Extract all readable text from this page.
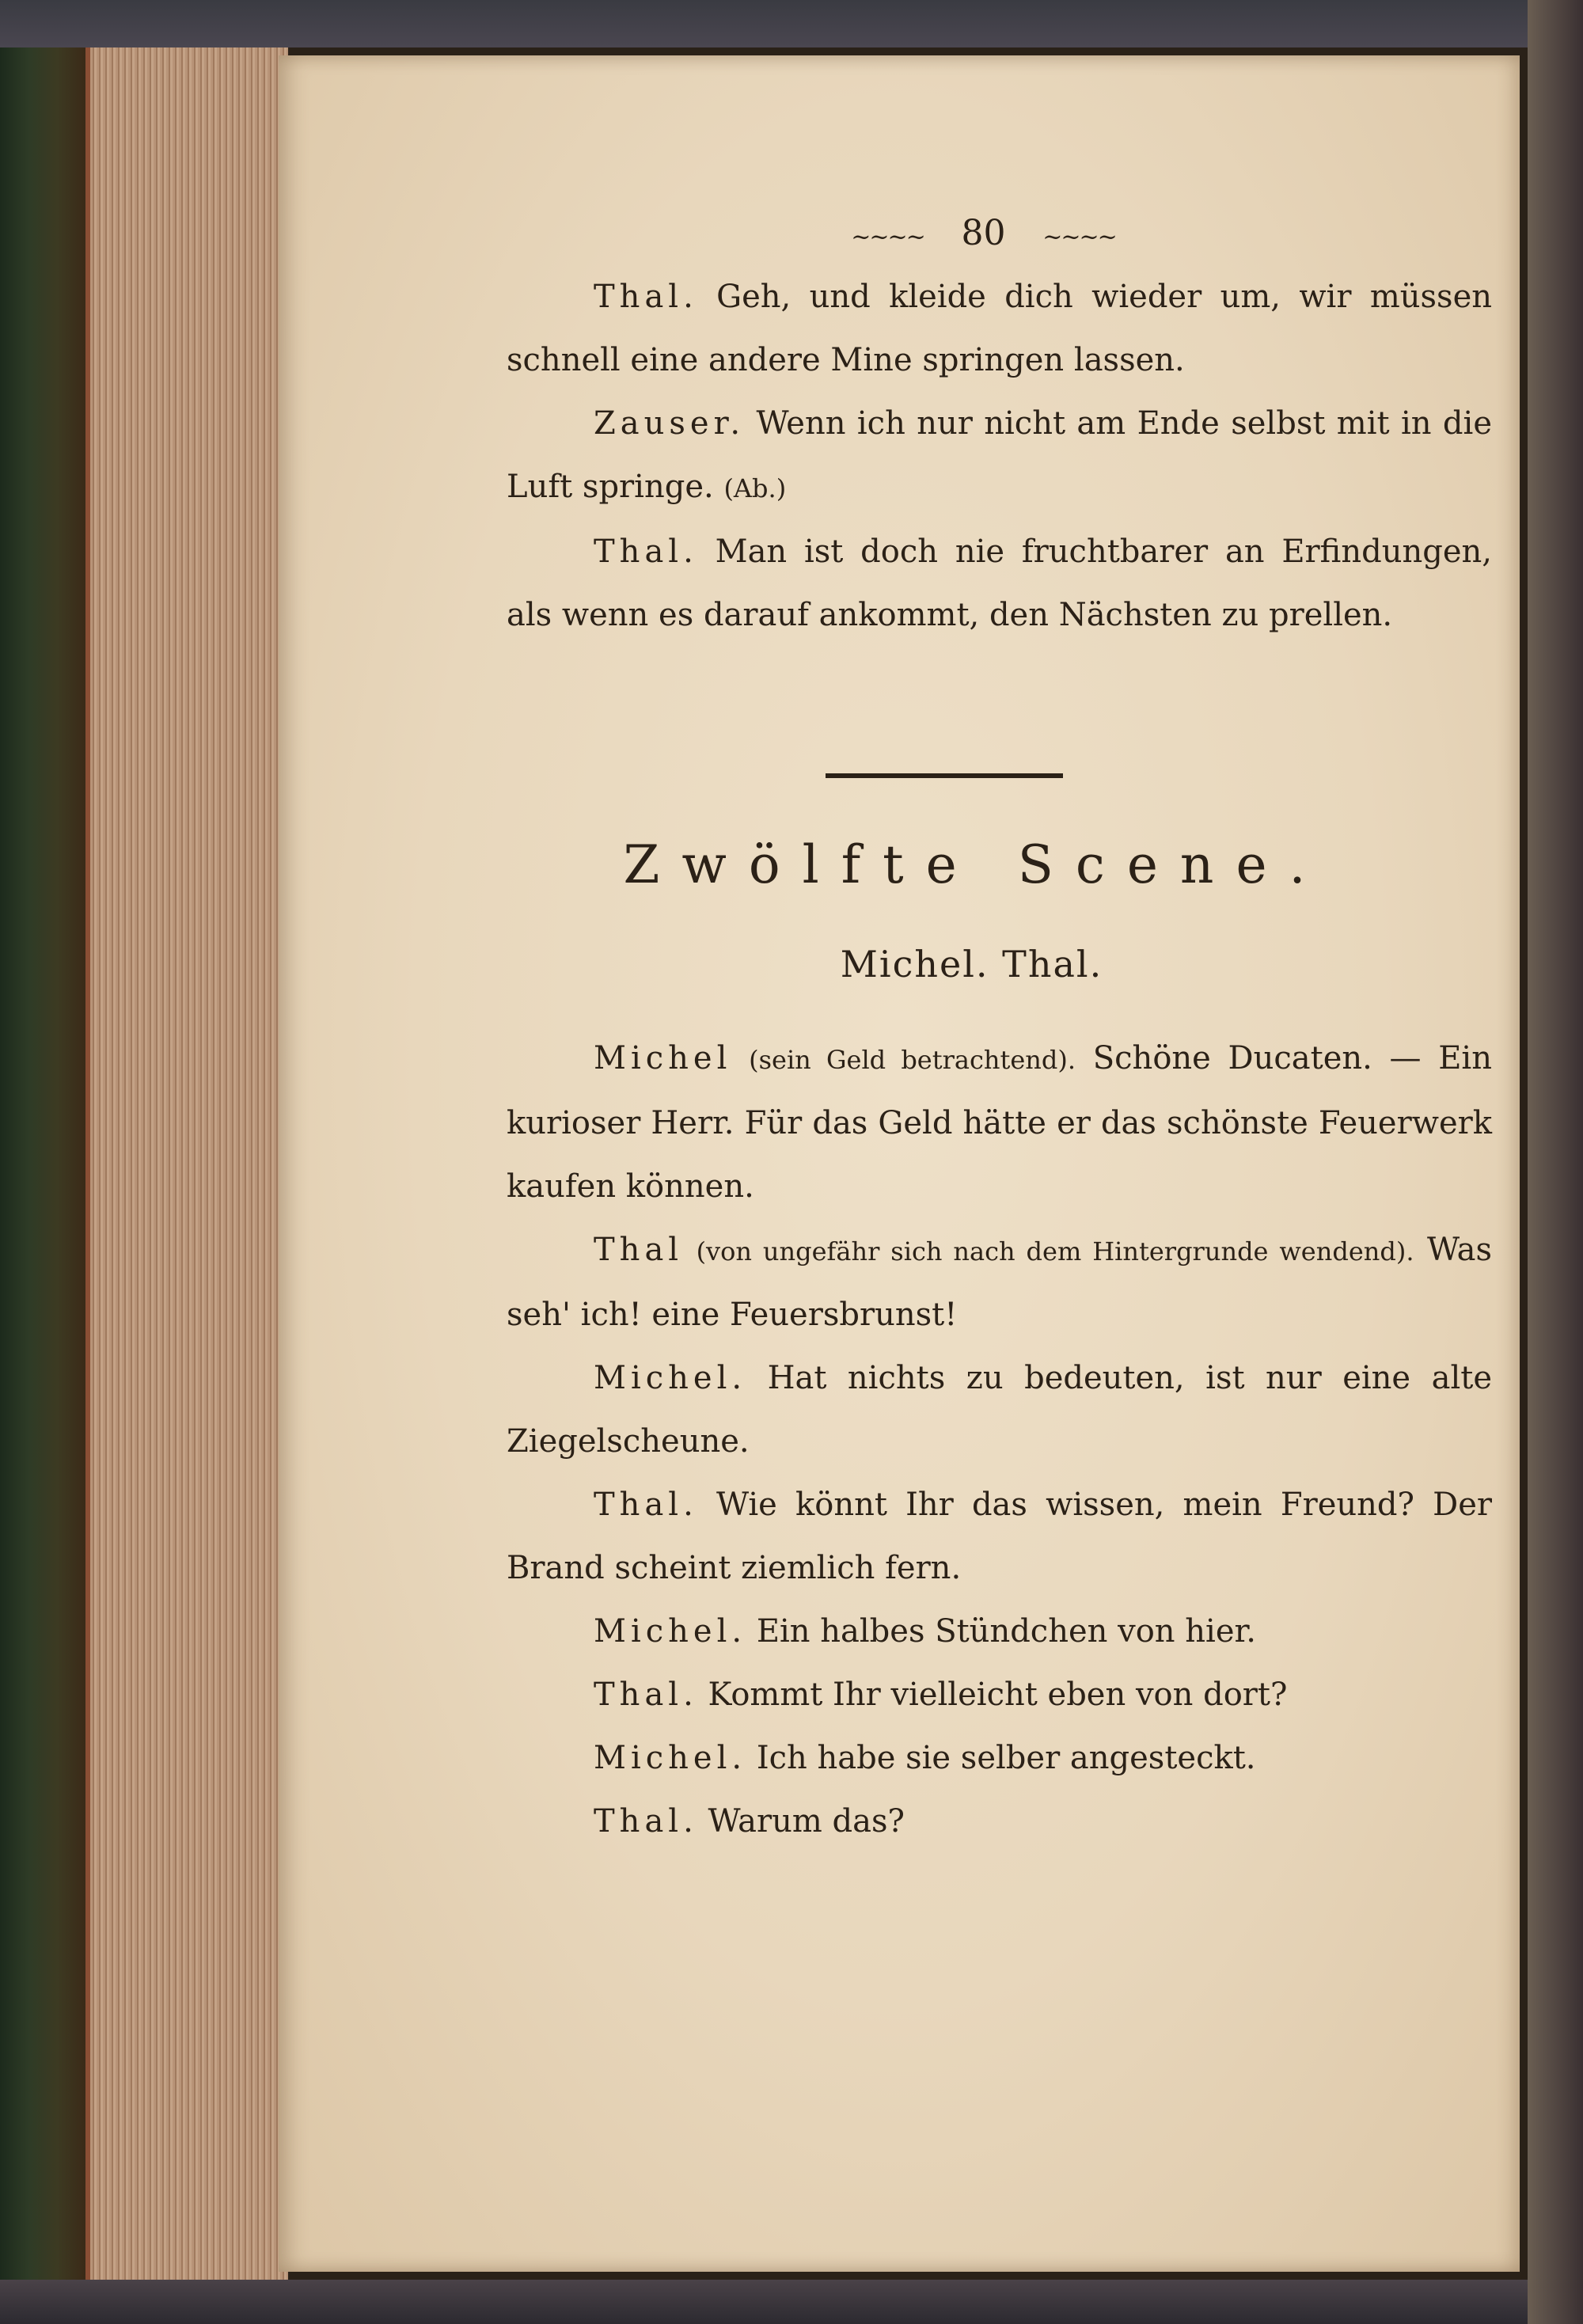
~~~~ 80 ~~~~

Thal. Geh, und kleide dich wieder um, wir müssen schnell eine andere Mine springen lassen.

Zauser. Wenn ich nur nicht am Ende selbst mit in die Luft springe. (Ab.)

Thal. Man ist doch nie fruchtbarer an Erfindungen, als wenn es darauf ankommt, den Nächsten zu prellen.

Zwölfte Scene.
Michel. Thal.

Michel (sein Geld betrachtend). Schöne Ducaten. — Ein kurioser Herr. Für das Geld hätte er das schönste Feuerwerk kaufen können.

Thal (von ungefähr sich nach dem Hintergrunde wendend). Was seh' ich! eine Feuersbrunst!

Michel. Hat nichts zu bedeuten, ist nur eine alte Ziegelscheune.

Thal. Wie könnt Ihr das wissen, mein Freund? Der Brand scheint ziemlich fern.

Michel. Ein halbes Stündchen von hier.

Thal. Kommt Ihr vielleicht eben von dort?

Michel. Ich habe sie selber angesteckt.

Thal. Warum das?
